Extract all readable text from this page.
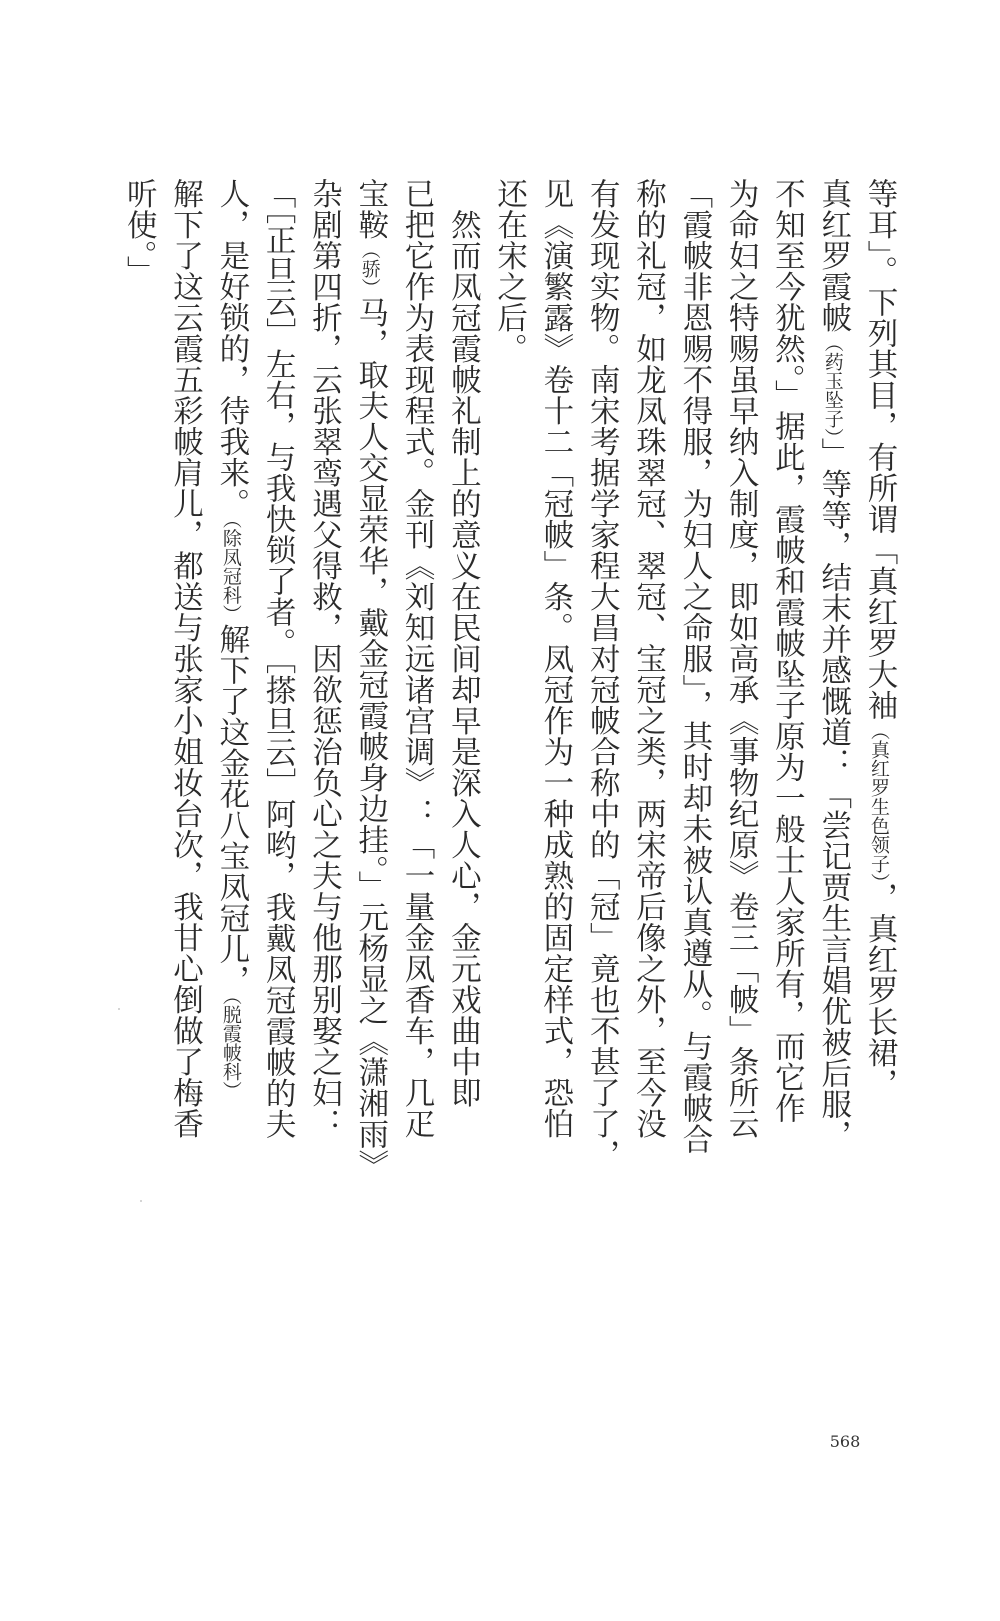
等耳」。下列其目，有所谓「真红罗大袖（真红罗生色领子），真红罗长裙，
真红罗霞帔（药玉坠子）」等等，结末并感慨道：「尝记贾生言娼优被后服，
不知至今犹然。」据此，霞帔和霞帔坠子原为一般士人家所有，而它作
为命妇之特赐虽早纳入制度，即如高承《事物纪原》卷三「帔」条所云
「霞帔非恩赐不得服，为妇人之命服」，其时却未被认真遵从。与霞帔合
称的礼冠，如龙凤珠翠冠、翠冠、宝冠之类，两宋帝后像之外，至今没
有发现实物。南宋考据学家程大昌对冠帔合称中的「冠」竟也不甚了了，
见《演繁露》卷十二「冠帔」条。凤冠作为一种成熟的固定样式，恐怕
还在宋之后。
　然而凤冠霞帔礼制上的意义在民间却早是深入人心，金元戏曲中即
已把它作为表现程式。金刊《刘知远诸宫调》：「一量金凤香车，几疋
宝鞍（骄）马，取夫人交显荣华，戴金冠霞帔身边挂。」元杨显之《潇湘雨》
杂剧第四折，云张翠鸾遇父得救，因欲惩治负心之夫与他那别娶之妇：
「［正旦云］左右，与我快锁了者。［搽旦云］阿哟，我戴凤冠霞帔的夫
人，是好锁的，待我来。（除凤冠科）解下了这金花八宝凤冠儿，（脱霞帔科）
解下了这云霞五彩帔肩儿，都送与张家小姐妆台次，我甘心倒做了梅香
听使。」
568
